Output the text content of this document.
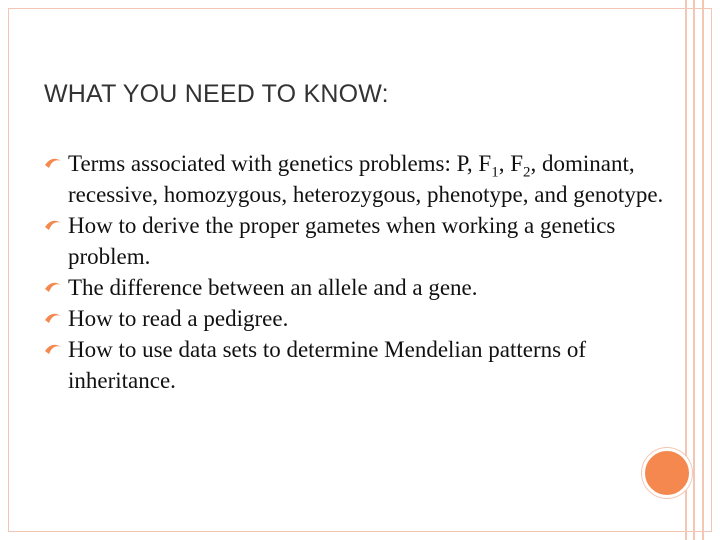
WHAT YOU NEED TO KNOW:
Terms associated with genetics problems: P, $F_1$, $F_2$, dominant, recessive, homozygous, heterozygous, phenotype, and genotype.
How to derive the proper gametes when working a genetics problem.
The difference between an allele and a gene.
How to read a pedigree.
How to use data sets to determine Mendelian patterns of inheritance.
